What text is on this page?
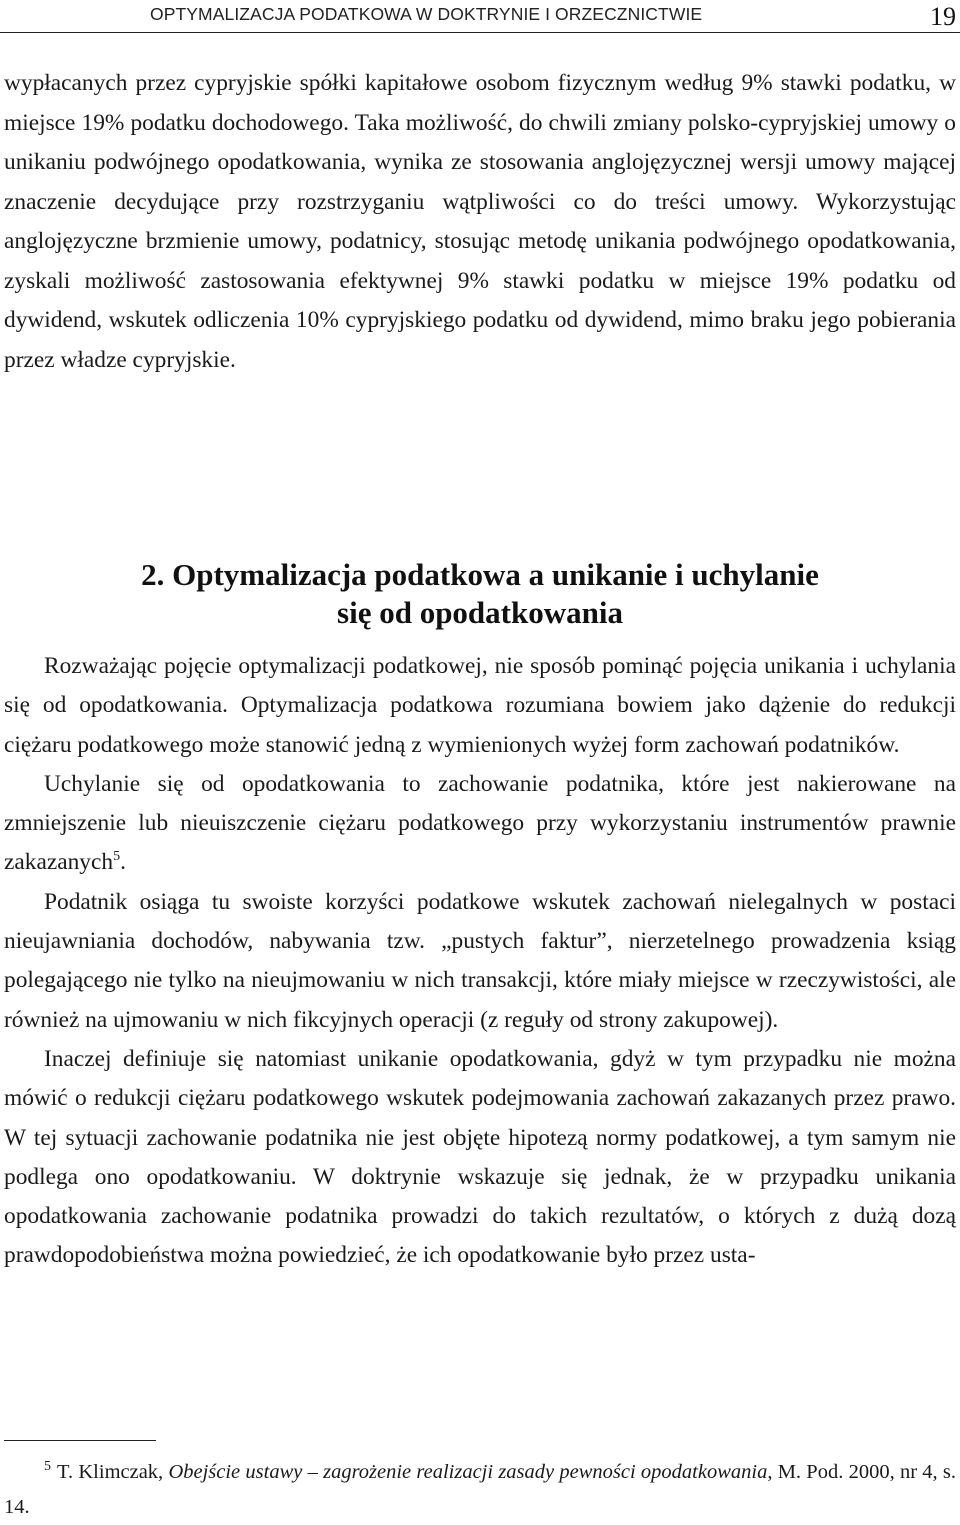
OPTYMALIZACJA PODATKOWA W DOKTRYNIE I ORZECZNICTWIE	19

wypłacanych przez cypryjskie spółki kapitałowe osobom fizycznym według 9% stawki podatku, w miejsce 19% podatku dochodowego. Taka możliwość, do chwili zmiany polsko-cypryjskiej umowy o unikaniu podwójnego opodatkowania, wynika ze stosowania anglojęzycznej wersji umowy mającej znaczenie decydujące przy rozstrzyganiu wątpliwości co do treści umowy. Wykorzystując anglojęzyczne brzmienie umowy, podatnicy, stosując metodę unikania podwójnego opodatkowania, zyskali możliwość zastosowania efektywnej 9% stawki podatku w miejsce 19% podatku od dywidend, wskutek odliczenia 10% cypryjskiego podatku od dywidend, mimo braku jego pobierania przez władze cypryjskie.

2. Optymalizacja podatkowa a unikanie i uchylanie
się od opodatkowania

Rozważając pojęcie optymalizacji podatkowej, nie sposób pominąć pojęcia unikania i uchylania się od opodatkowania. Optymalizacja podatkowa rozumiana bowiem jako dążenie do redukcji ciężaru podatkowego może stanowić jedną z wymienionych wyżej form zachowań podatników.

Uchylanie się od opodatkowania to zachowanie podatnika, które jest nakierowane na zmniejszenie lub nieuiszczenie ciężaru podatkowego przy wykorzystaniu instrumentów prawnie zakazanych$^5$.

Podatnik osiąga tu swoiste korzyści podatkowe wskutek zachowań nielegalnych w postaci nieujawniania dochodów, nabywania tzw. „pustych faktur”, nierzetelnego prowadzenia ksiąg polegającego nie tylko na nieujmowaniu w nich transakcji, które miały miejsce w rzeczywistości, ale również na ujmowaniu w nich fikcyjnych operacji (z reguły od strony zakupowej).

Inaczej definiuje się natomiast unikanie opodatkowania, gdyż w tym przypadku nie można mówić o redukcji ciężaru podatkowego wskutek podejmowania zachowań zakazanych przez prawo. W tej sytuacji zachowanie podatnika nie jest objęte hipotezą normy podatkowej, a tym samym nie podlega ono opodatkowaniu. W doktrynie wskazuje się jednak, że w przypadku unikania opodatkowania zachowanie podatnika prowadzi do takich rezultatów, o których z dużą dozą prawdopodobieństwa można powiedzieć, że ich opodatkowanie było przez usta-

$^5$ T. Klimczak, Obejście ustawy – zagrożenie realizacji zasady pewności opodatkowania, M. Pod. 2000, nr 4, s. 14.
